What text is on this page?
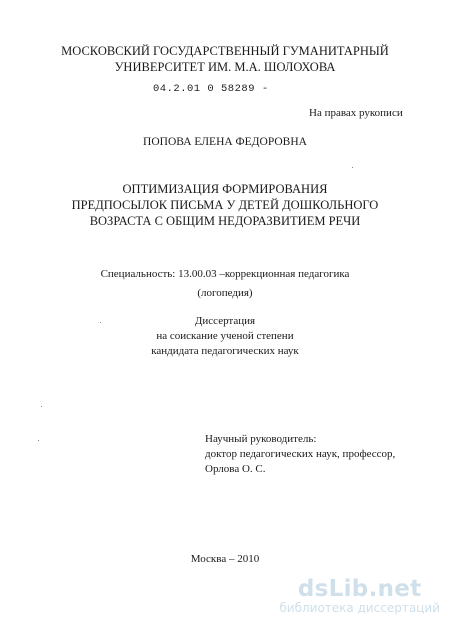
МОСКОВСКИЙ ГОСУДАРСТВЕННЫЙ ГУМАНИТАРНЫЙ
УНИВЕРСИТЕТ ИМ. М.А. ШОЛОХОВА
04.2.01 0 58289 -
На правах рукописи
ПОПОВА ЕЛЕНА ФЕДОРОВНА
ОПТИМИЗАЦИЯ ФОРМИРОВАНИЯ
ПРЕДПОСЫЛОК ПИСЬМА У ДЕТЕЙ ДОШКОЛЬНОГО
ВОЗРАСТА С ОБЩИМ НЕДОРАЗВИТИЕМ РЕЧИ
Специальность: 13.00.03 –коррекционная педагогика
(логопедия)
Диссертация
на соискание ученой степени
кандидата педагогических наук
Научный руководитель:
доктор педагогических наук, профессор,
Орлова О. С.
Москва – 2010
dsLib.net
библиотека диссертаций
